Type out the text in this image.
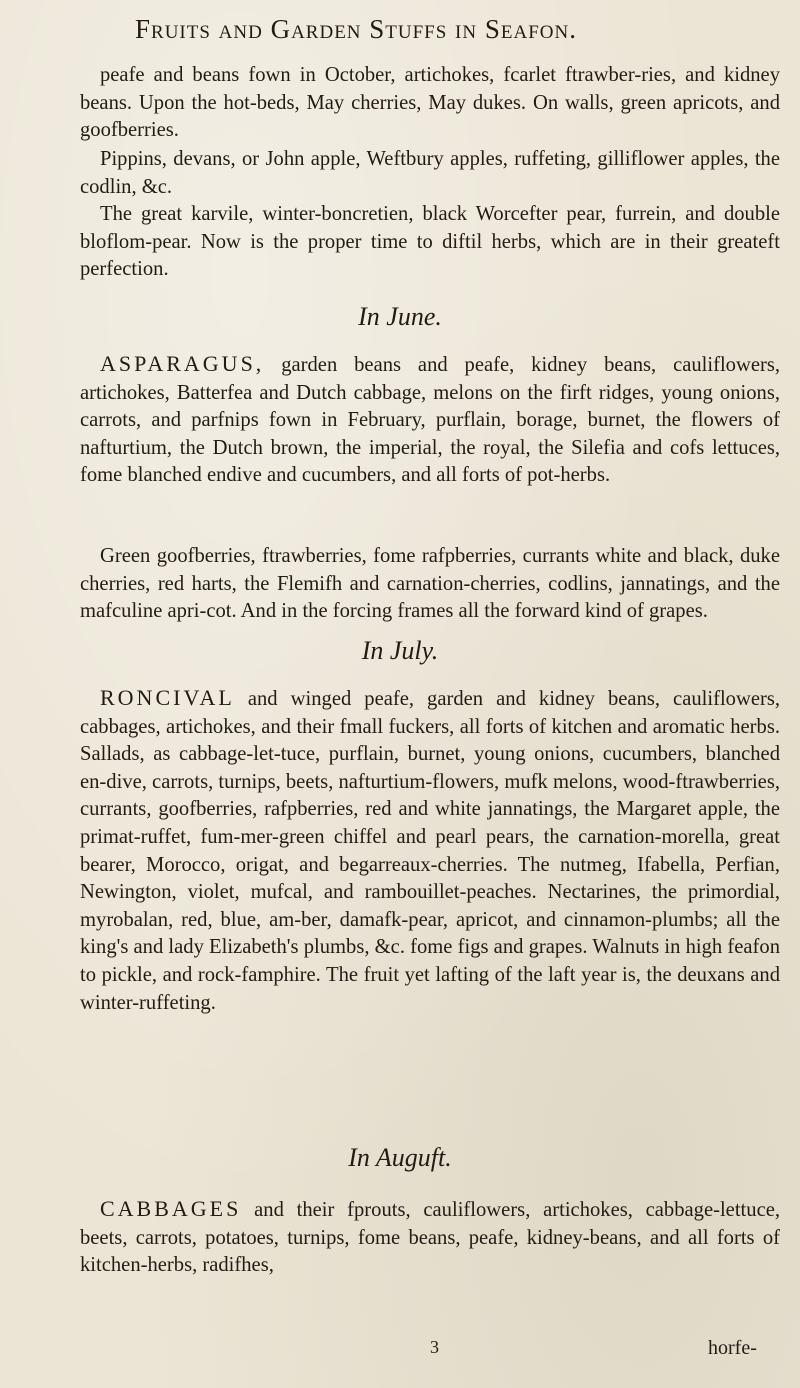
Fruits and Garden Stuffs in Seafon.

peafe and beans fown in October, artichokes, fcarlet ftrawber-ries, and kidney beans. Upon the hot-beds, May cherries, May dukes. On walls, green apricots, and goofberries.

Pippins, devans, or John apple, Weftbury apples, ruffeting, gilliflower apples, the codlin, &c.

The great karvile, winter-boncretien, black Worcefter pear, furrein, and double bloflom-pear. Now is the proper time to diftil herbs, which are in their greateft perfection.

In June.

ASPARAGUS, garden beans and peafe, kidney beans, cauliflowers, artichokes, Batterfea and Dutch cabbage, melons on the firft ridges, young onions, carrots, and parfnips fown in February, purflain, borage, burnet, the flowers of nafturtium, the Dutch brown, the imperial, the royal, the Silefia and cofs lettuces, fome blanched endive and cucumbers, and all forts of pot-herbs.

Green goofberries, ftrawberries, fome rafpberries, currants white and black, duke cherries, red harts, the Flemifh and carnation-cherries, codlins, jannatings, and the mafculine apri-cot. And in the forcing frames all the forward kind of grapes.

In July.

RONCIVAL and winged peafe, garden and kidney beans, cauliflowers, cabbages, artichokes, and their fmall fuckers, all forts of kitchen and aromatic herbs. Sallads, as cabbage-let-tuce, purflain, burnet, young onions, cucumbers, blanched en-dive, carrots, turnips, beets, nafturtium-flowers, mufk melons, wood-ftrawberries, currants, goofberries, rafpberries, red and white jannatings, the Margaret apple, the primat-ruffet, fum-mer-green chiffel and pearl pears, the carnation-morella, great bearer, Morocco, origat, and begarreaux-cherries. The nutmeg, Ifabella, Perfian, Newington, violet, mufcal, and rambouillet-peaches. Nectarines, the primordial, myrobalan, red, blue, am-ber, damafk-pear, apricot, and cinnamon-plumbs; all the king's and lady Elizabeth's plumbs, &c. fome figs and grapes. Walnuts in high feafon to pickle, and rock-famphire. The fruit yet lafting of the laft year is, the deuxans and winter-ruffeting.

In Auguft.

CABBAGES and their fprouts, cauliflowers, artichokes, cabbage-lettuce, beets, carrots, potatoes, turnips, fome beans, peafe, kidney-beans, and all forts of kitchen-herbs, radifhes,

3	horfe-
